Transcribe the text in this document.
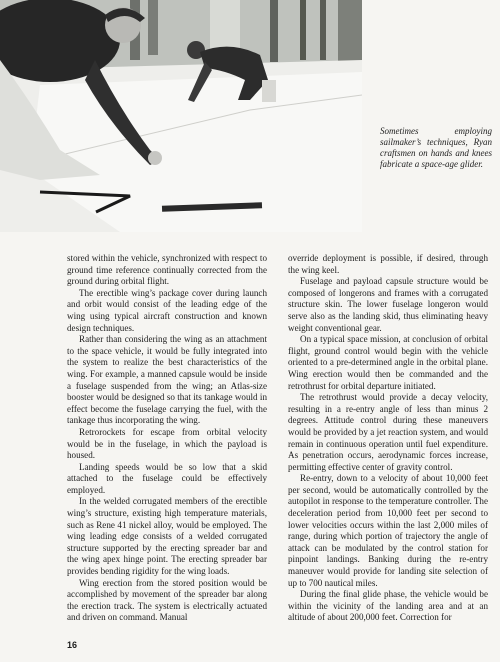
Sometimes employing sailmaker’s techniques, Ryan craftsmen on hands and knees fabricate a space-age glider.

stored within the vehicle, synchronized with respect to ground time reference continually corrected from the ground during orbital flight.

The erectible wing’s package cover during launch and orbit would consist of the leading edge of the wing using typical aircraft construction and known design techniques.

Rather than considering the wing as an attachment to the space vehicle, it would be fully integrated into the system to realize the best characteristics of the wing. For example, a manned capsule would be inside a fuselage suspended from the wing; an Atlas-size booster would be designed so that its tankage would in effect become the fuselage carrying the fuel, with the tankage thus incorporating the wing.

Retrorockets for escape from orbital velocity would be in the fuselage, in which the payload is housed.

Landing speeds would be so low that a skid attached to the fuselage could be effectively employed.

In the welded corrugated members of the erectible wing’s structure, existing high temperature materials, such as Rene 41 nickel alloy, would be employed. The wing leading edge consists of a welded corrugated structure supported by the erecting spreader bar and the wing apex hinge point. The erecting spreader bar provides bending rigidity for the wing loads.

Wing erection from the stored position would be accomplished by movement of the spreader bar along the erection track. The system is electrically actuated and driven on command. Manual

override deployment is possible, if desired, through the wing keel.

Fuselage and payload capsule structure would be composed of longerons and frames with a corrugated structure skin. The lower fuselage longeron would serve also as the landing skid, thus eliminating heavy weight conventional gear.

On a typical space mission, at conclusion of orbital flight, ground control would begin with the vehicle oriented to a pre-determined angle in the orbital plane. Wing erection would then be commanded and the retrothrust for orbital departure initiated.

The retrothrust would provide a decay velocity, resulting in a re-entry angle of less than minus 2 degrees. Attitude control during these maneuvers would be provided by a jet reaction system, and would remain in continuous operation until fuel expenditure. As penetration occurs, aerodynamic forces increase, permitting effective center of gravity control.

Re-entry, down to a velocity of about 10,000 feet per second, would be automatically controlled by the autopilot in response to the temperature controller. The deceleration period from 10,000 feet per second to lower velocities occurs within the last 2,000 miles of range, during which portion of trajectory the angle of attack can be modulated by the control station for pinpoint landings. Banking during the re-entry maneuver would provide for landing site selection of up to 700 nautical miles.

During the final glide phase, the vehicle would be within the vicinity of the landing area and at an altitude of about 200,000 feet. Correction for

16
